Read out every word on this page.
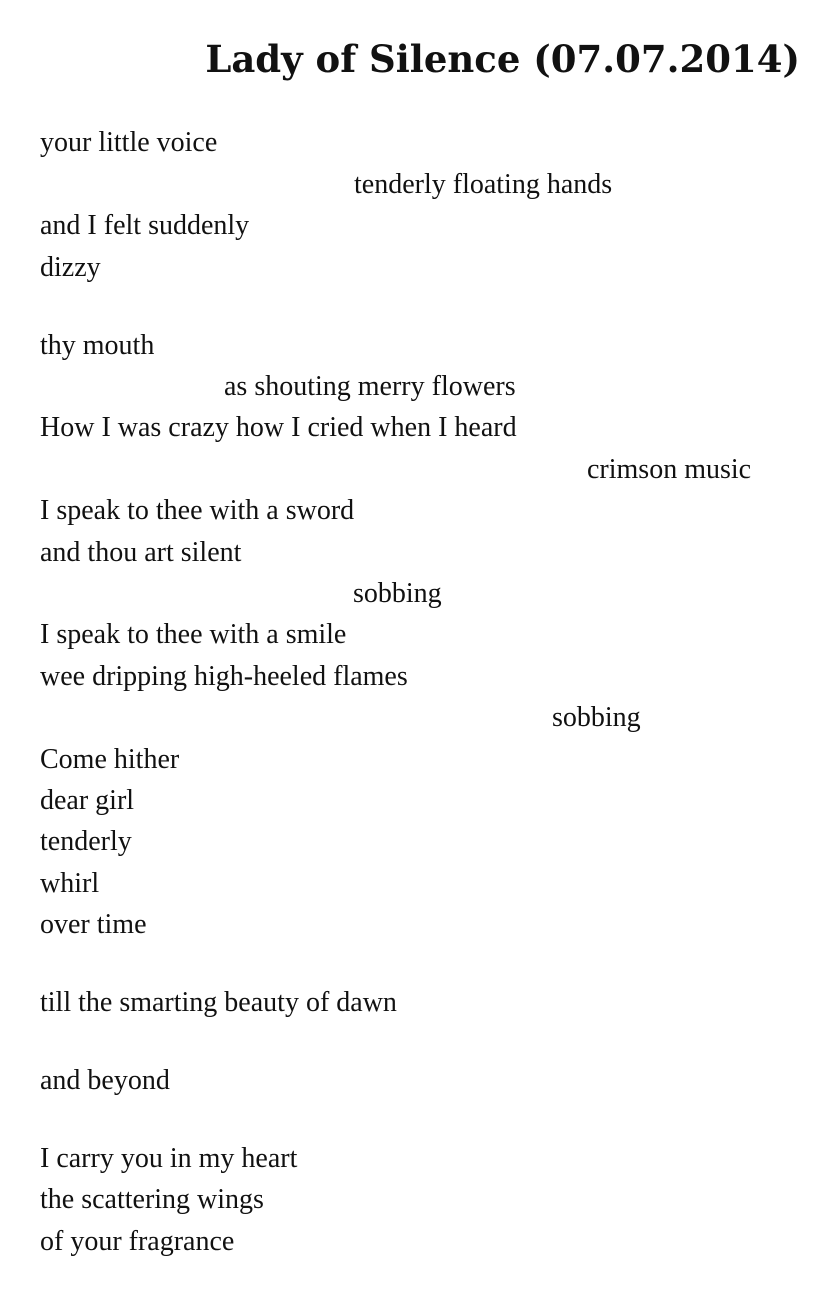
Lady of Silence (07.07.2014)

your little voice

tenderly floating hands

and I felt suddenly

dizzy

thy mouth

as shouting merry flowers

How I was crazy how I cried when I heard

crimson music

I speak to thee with a sword

and thou art silent

sobbing

I speak to thee with a smile

wee dripping high-heeled flames

sobbing

Come hither

dear girl

tenderly

whirl

over time

till the smarting beauty of dawn

and beyond

I carry you in my heart

the scattering wings

of your fragrance
